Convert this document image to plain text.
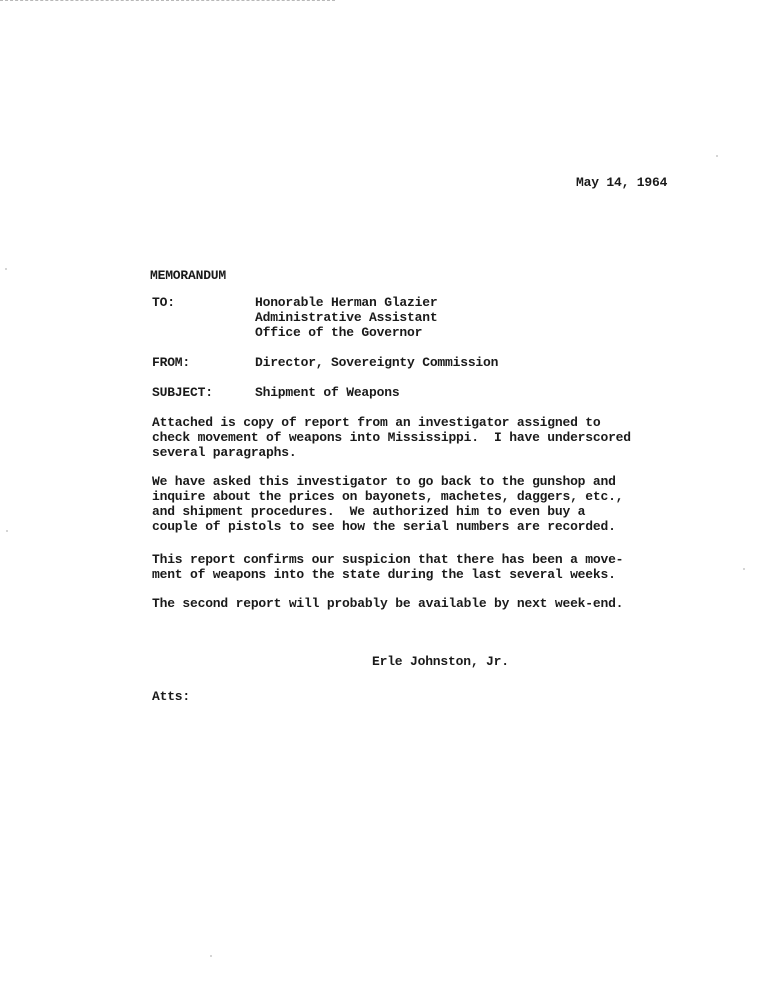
May 14, 1964
MEMORANDUM
TO:	Honorable Herman Glazier
Administrative Assistant
Office of the Governor
FROM:	Director, Sovereignty Commission
SUBJECT:	Shipment of Weapons
Attached is copy of report from an investigator assigned to
check movement of weapons into Mississippi.  I have underscored
several paragraphs.
We have asked this investigator to go back to the gunshop and
inquire about the prices on bayonets, machetes, daggers, etc.,
and shipment procedures.  We authorized him to even buy a
couple of pistols to see how the serial numbers are recorded.
This report confirms our suspicion that there has been a move-
ment of weapons into the state during the last several weeks.
The second report will probably be available by next week-end.
Erle Johnston, Jr.
Atts:
